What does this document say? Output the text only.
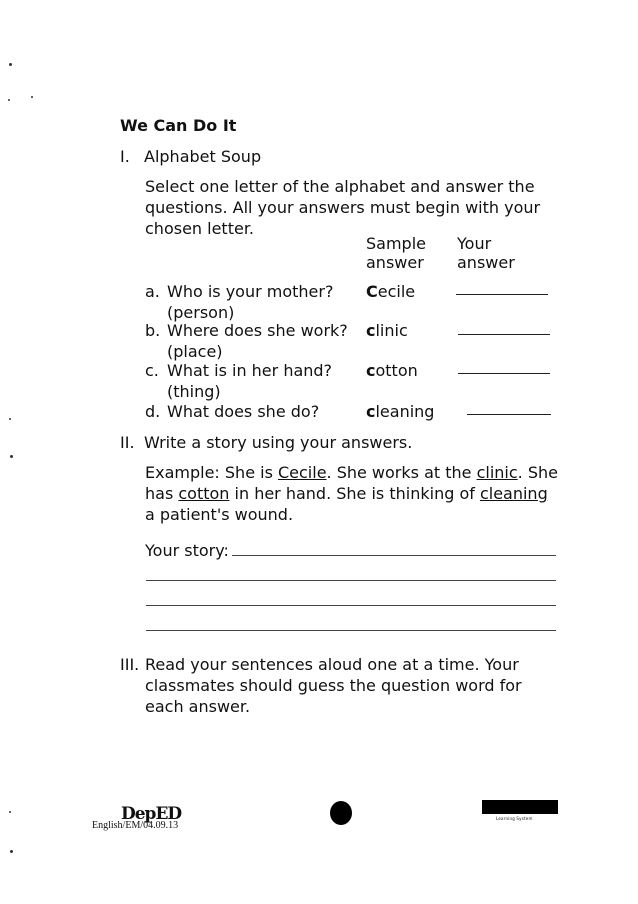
We Can Do It
I. Alphabet Soup
Select one letter of the alphabet and answer the questions. All your answers must begin with your chosen letter.
Sample
answer
Your
answer
a. Who is your mother?
(person)
Cecile
b. Where does she work?
(place)
clinic
c. What is in her hand?
(thing)
cotton
d. What does she do?	cleaning
II. Write a story using your answers.
Example: She is Cecile. She works at the clinic. She has cotton in her hand. She is thinking of cleaning a patient's wound.
Your story:
III. Read your sentences aloud one at a time. Your classmates should guess the question word for each answer.
DepED
English/EM/04.09.13
Learning System
